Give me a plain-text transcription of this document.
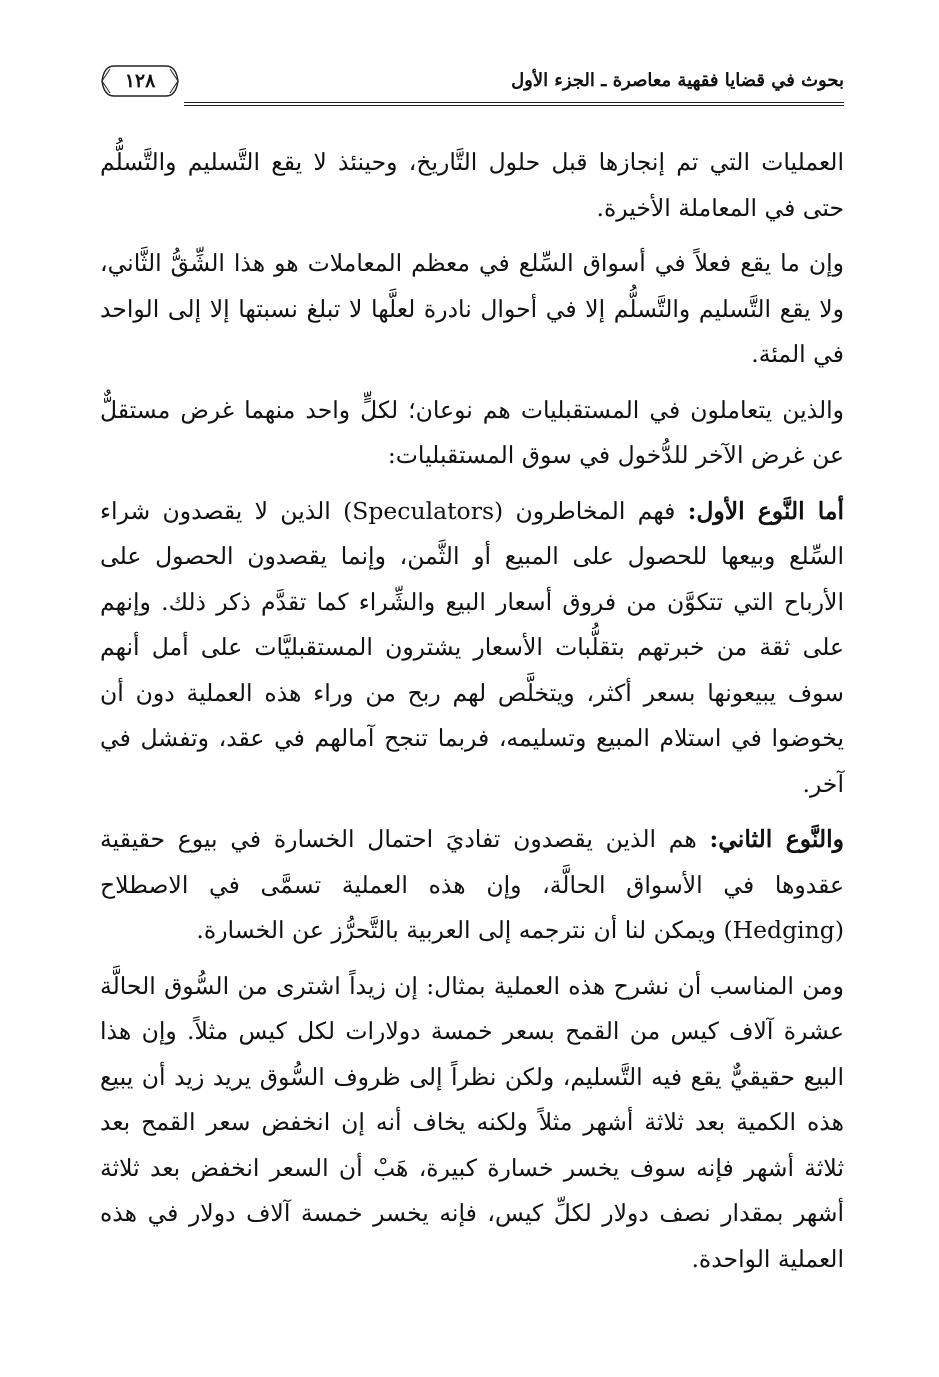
١٢٨	بحوث في قضايا فقهية معاصرة ـ الجزء الأول

العمليات التي تم إنجازها قبل حلول التَّاريخ، وحينئذ لا يقع التَّسليم والتَّسلُّم حتى في المعاملة الأخيرة.

وإن ما يقع فعلاً في أسواق السِّلع في معظم المعاملات هو هذا الشِّقُّ الثَّاني، ولا يقع التَّسليم والتَّسلُّم إلا في أحوال نادرة لعلَّها لا تبلغ نسبتها إلا إلى الواحد في المئة.

والذين يتعاملون في المستقبليات هم نوعان؛ لكلٍّ واحد منهما غرض مستقلٌّ عن غرض الآخر للدُّخول في سوق المستقبليات:

أما النَّوع الأول: فهم المخاطرون (Speculators) الذين لا يقصدون شراء السِّلع وبيعها للحصول على المبيع أو الثَّمن، وإنما يقصدون الحصول على الأرباح التي تتكوَّن من فروق أسعار البيع والشِّراء كما تقدَّم ذكر ذلك. وإنهم على ثقة من خبرتهم بتقلُّبات الأسعار يشترون المستقبليَّات على أمل أنهم سوف يبيعونها بسعر أكثر، ويتخلَّص لهم ربح من وراء هذه العملية دون أن يخوضوا في استلام المبيع وتسليمه، فربما تنجح آمالهم في عقد، وتفشل في آخر.

والنَّوع الثاني: هم الذين يقصدون تفاديَ احتمال الخسارة في بيوع حقيقية عقدوها في الأسواق الحالَّة، وإن هذه العملية تسمَّى في الاصطلاح (Hedging) ويمكن لنا أن نترجمه إلى العربية بالتَّحرُّز عن الخسارة.

ومن المناسب أن نشرح هذه العملية بمثال: إن زيداً اشترى من السُّوق الحالَّة عشرة آلاف كيس من القمح بسعر خمسة دولارات لكل كيس مثلاً. وإن هذا البيع حقيقيٌّ يقع فيه التَّسليم، ولكن نظراً إلى ظروف السُّوق يريد زيد أن يبيع هذه الكمية بعد ثلاثة أشهر مثلاً ولكنه يخاف أنه إن انخفض سعر القمح بعد ثلاثة أشهر فإنه سوف يخسر خسارة كبيرة، هَبْ أن السعر انخفض بعد ثلاثة أشهر بمقدار نصف دولار لكلِّ كيس، فإنه يخسر خمسة آلاف دولار في هذه العملية الواحدة.
